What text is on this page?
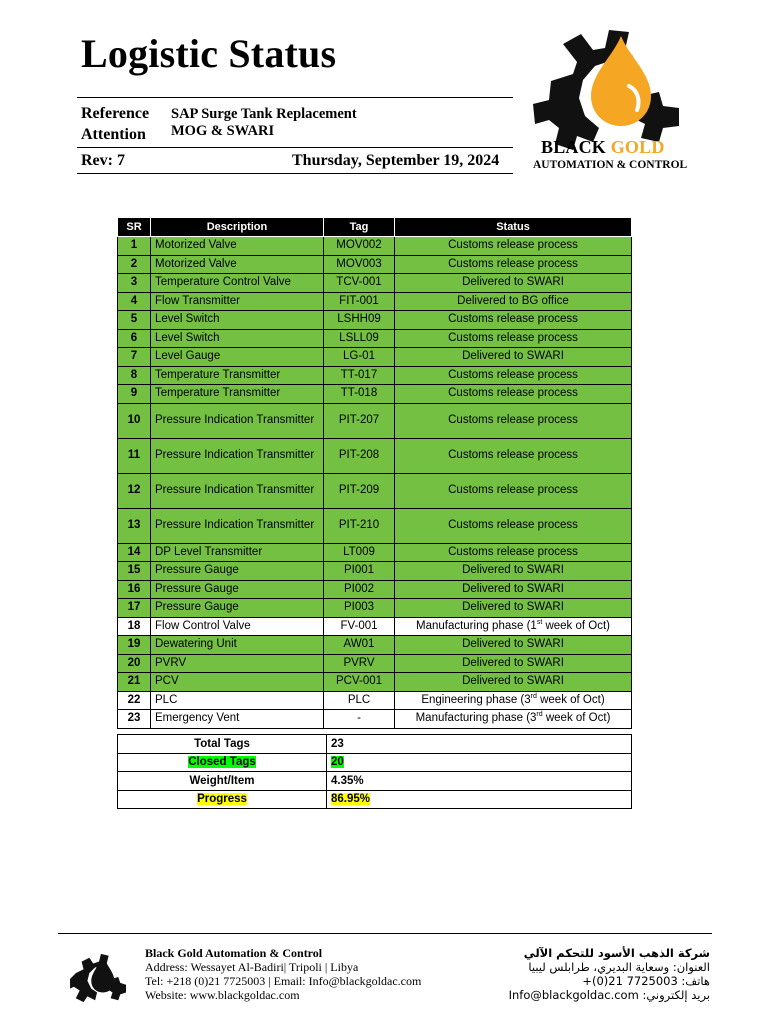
Logistic Status
Reference SAP Surge Tank Replacement
Attention MOG & SWARI
Rev: 7	Thursday, September 19, 2024
BLACK GOLD
AUTOMATION & CONTROL
SR	Description	Tag	Status
1	Motorized Valve	MOV002	Customs release process
2	Motorized Valve	MOV003	Customs release process
3	Temperature Control Valve	TCV-001	Delivered to SWARI
4	Flow Transmitter	FIT-001	Delivered to BG office
5	Level Switch	LSHH09	Customs release process
6	Level Switch	LSLL09	Customs release process
7	Level Gauge	LG-01	Delivered to SWARI
8	Temperature Transmitter	TT-017	Customs release process
9	Temperature Transmitter	TT-018	Customs release process
10	Pressure Indication Transmitter	PIT-207	Customs release process
11	Pressure Indication Transmitter	PIT-208	Customs release process
12	Pressure Indication Transmitter	PIT-209	Customs release process
13	Pressure Indication Transmitter	PIT-210	Customs release process
14	DP Level Transmitter	LT009	Customs release process
15	Pressure Gauge	PI001	Delivered to SWARI
16	Pressure Gauge	PI002	Delivered to SWARI
17	Pressure Gauge	PI003	Delivered to SWARI
18	Flow Control Valve	FV-001	Manufacturing phase (1st week of Oct)
19	Dewatering Unit	AW01	Delivered to SWARI
20	PVRV	PVRV	Delivered to SWARI
21	PCV	PCV-001	Delivered to SWARI
22	PLC	PLC	Engineering phase (3rd week of Oct)
23	Emergency Vent	-	Manufacturing phase (3rd week of Oct)
Total Tags	23
Closed Tags	20
Weight/Item	4.35%
Progress	86.95%
Black Gold Automation & Control
Address: Wessayet Al-Badiri| Tripoli | Libya
Tel: +218 (0)21 7725003 | Email: Info@blackgoldac.com
Website: www.blackgoldac.com
شركة الذهب الأسود للتحكم الآلي
العنوان: وسعاية البديري، طرابلس ليبيا
هاتف: 7725003 21(0)+
بريد إلكتروني: Info@blackgoldac.com
